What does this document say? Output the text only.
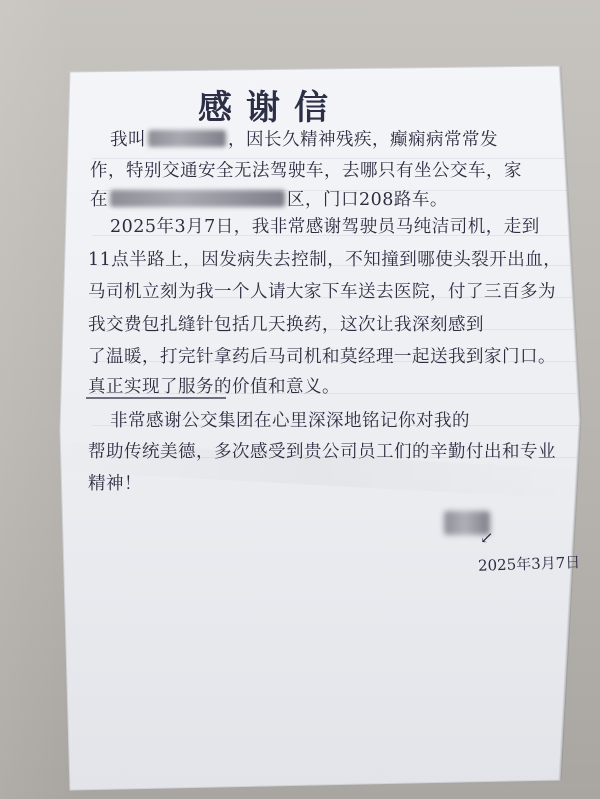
感谢信
我叫	，因长久精神残疾，癫痫病常常发
作，特别交通安全无法驾驶车，去哪只有坐公交车，家
在	区，门口208路车。
2025年3月7日，我非常感谢驾驶员马纯洁司机，走到
11点半路上，因发病失去控制，不知撞到哪使头裂开出血，
马司机立刻为我一个人请大家下车送去医院，付了三百多为
我交费包扎缝针包括几天换药，这次让我深刻感到
了温暖，打完针拿药后马司机和莫经理一起送我到家门口。
真正实现了服务的价值和意义。
非常感谢公交集团在心里深深地铭记你对我的
帮助传统美德，多次感受到贵公司员工们的辛勤付出和专业
精神！
↙
2025年3月7日
